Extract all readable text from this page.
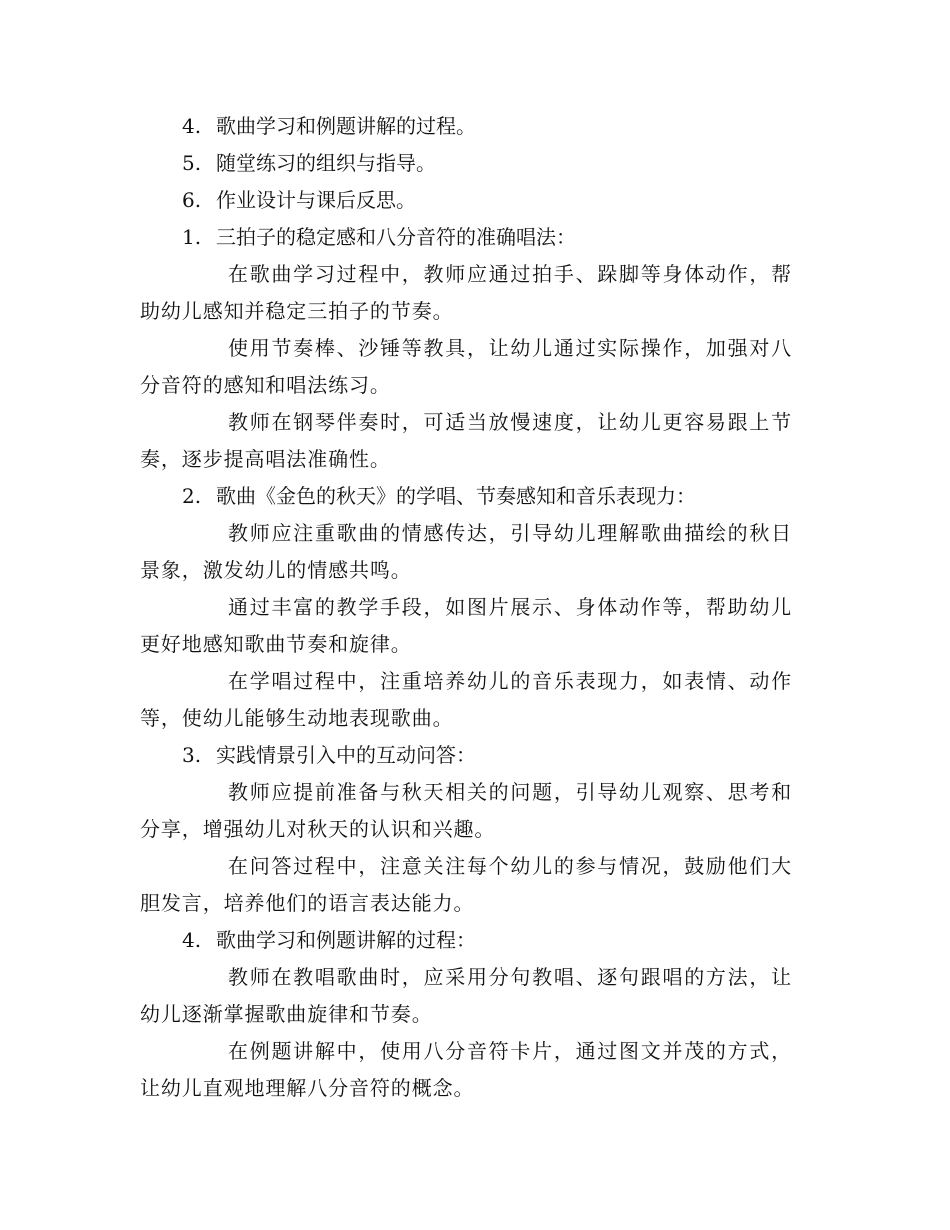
4. 歌曲学习和例题讲解的过程。

5. 随堂练习的组织与指导。

6. 作业设计与课后反思。

1. 三拍子的稳定感和八分音符的准确唱法：

在歌曲学习过程中，教师应通过拍手、跺脚等身体动作，帮助幼儿感知并稳定三拍子的节奏。

使用节奏棒、沙锤等教具，让幼儿通过实际操作，加强对八分音符的感知和唱法练习。

教师在钢琴伴奏时，可适当放慢速度，让幼儿更容易跟上节奏，逐步提高唱法准确性。

2. 歌曲《金色的秋天》的学唱、节奏感知和音乐表现力：

教师应注重歌曲的情感传达，引导幼儿理解歌曲描绘的秋日景象，激发幼儿的情感共鸣。

通过丰富的教学手段，如图片展示、身体动作等，帮助幼儿更好地感知歌曲节奏和旋律。

在学唱过程中，注重培养幼儿的音乐表现力，如表情、动作等，使幼儿能够生动地表现歌曲。

3. 实践情景引入中的互动问答：

教师应提前准备与秋天相关的问题，引导幼儿观察、思考和分享，增强幼儿对秋天的认识和兴趣。

在问答过程中，注意关注每个幼儿的参与情况，鼓励他们大胆发言，培养他们的语言表达能力。

4. 歌曲学习和例题讲解的过程：

教师在教唱歌曲时，应采用分句教唱、逐句跟唱的方法，让幼儿逐渐掌握歌曲旋律和节奏。

在例题讲解中，使用八分音符卡片，通过图文并茂的方式，让幼儿直观地理解八分音符的概念。
